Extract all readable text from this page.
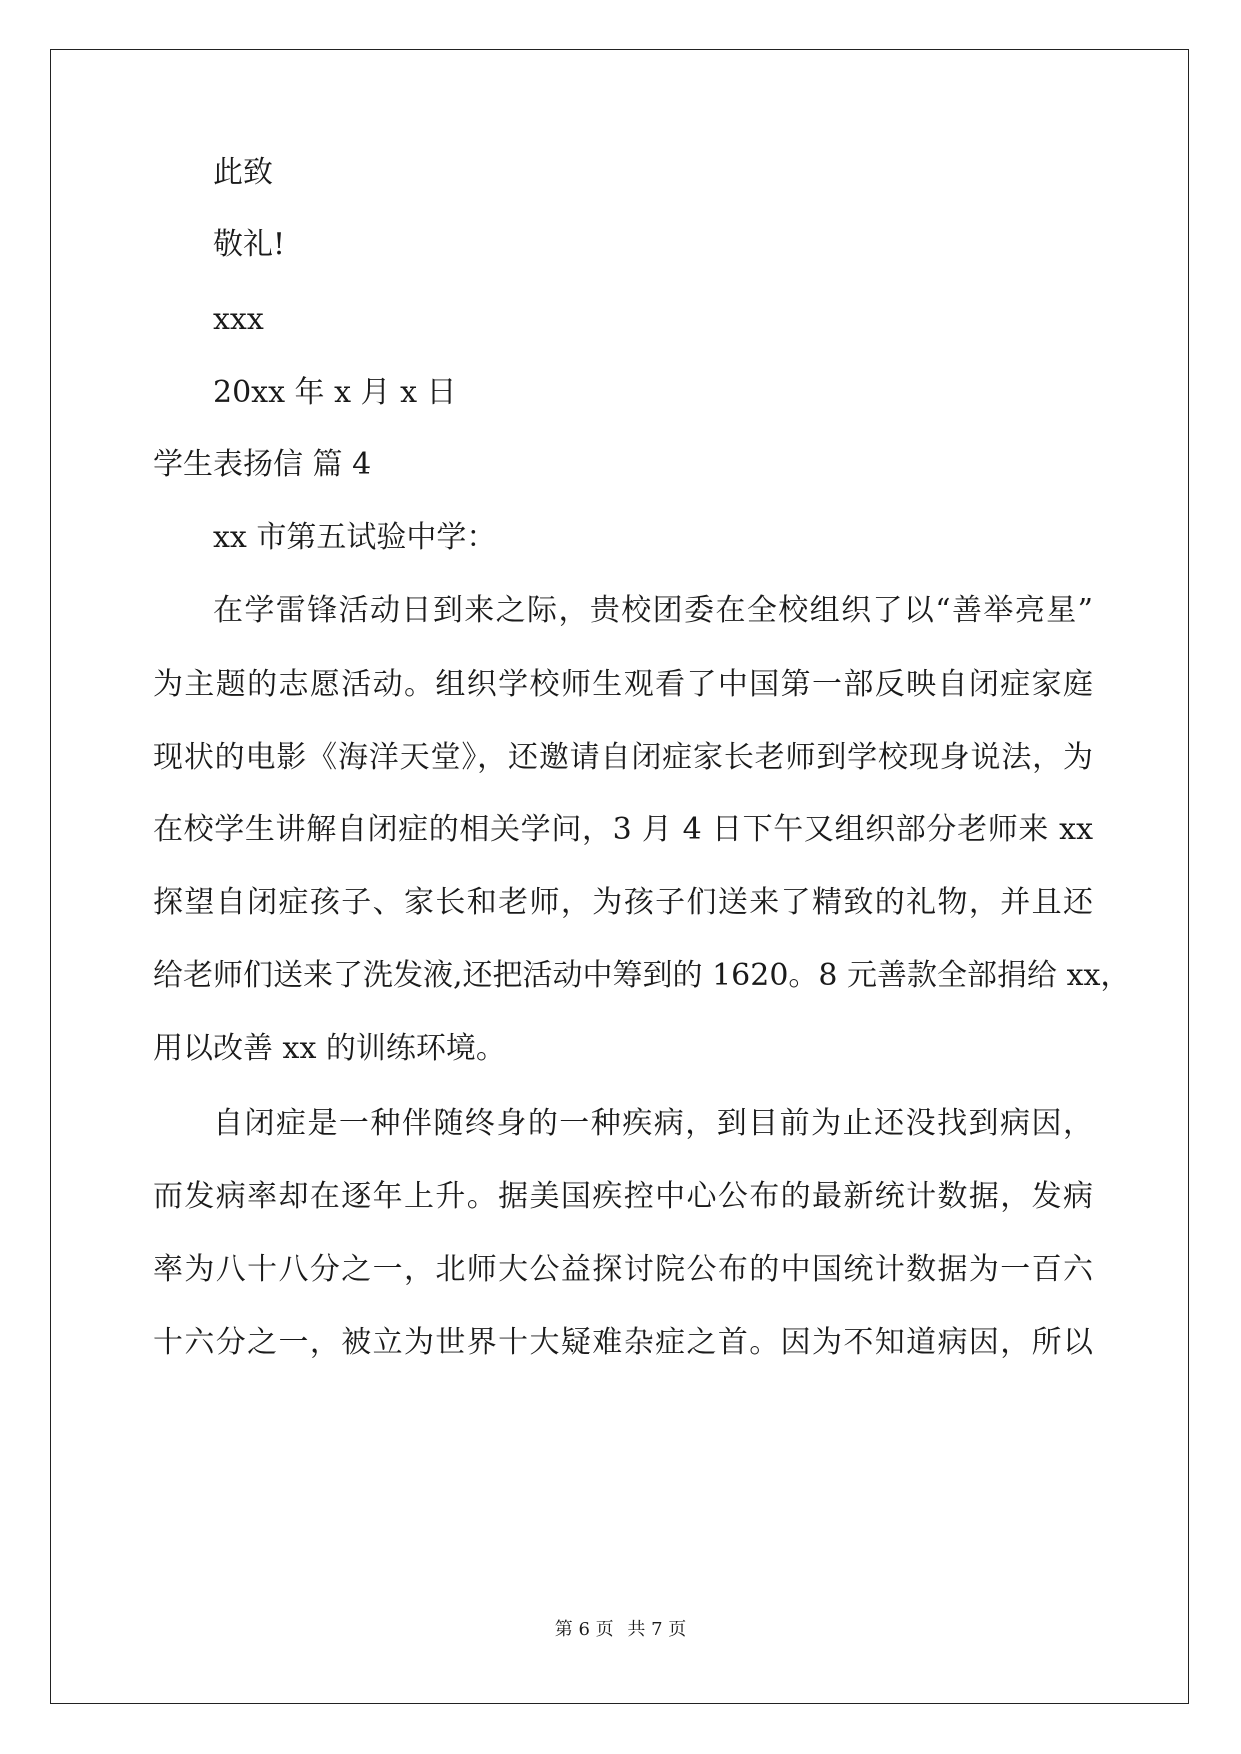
此致
敬礼!
xxx
20xx 年 x 月 x 日
学生表扬信 篇 4
xx 市第五试验中学：
在学雷锋活动日到来之际，贵校团委在全校组织了以“善举亮星”
为主题的志愿活动。组织学校师生观看了中国第一部反映自闭症家庭
现状的电影《海洋天堂》，还邀请自闭症家长老师到学校现身说法，为
在校学生讲解自闭症的相关学问，3 月 4 日下午又组织部分老师来 xx
探望自闭症孩子、家长和老师，为孩子们送来了精致的礼物，并且还
给老师们送来了洗发液,还把活动中筹到的 1620。8 元善款全部捐给 xx，
用以改善 xx 的训练环境。
自闭症是一种伴随终身的一种疾病，到目前为止还没找到病因，
而发病率却在逐年上升。据美国疾控中心公布的最新统计数据，发病
率为八十八分之一，北师大公益探讨院公布的中国统计数据为一百六
十六分之一，被立为世界十大疑难杂症之首。因为不知道病因，所以
第 6 页 共 7 页
